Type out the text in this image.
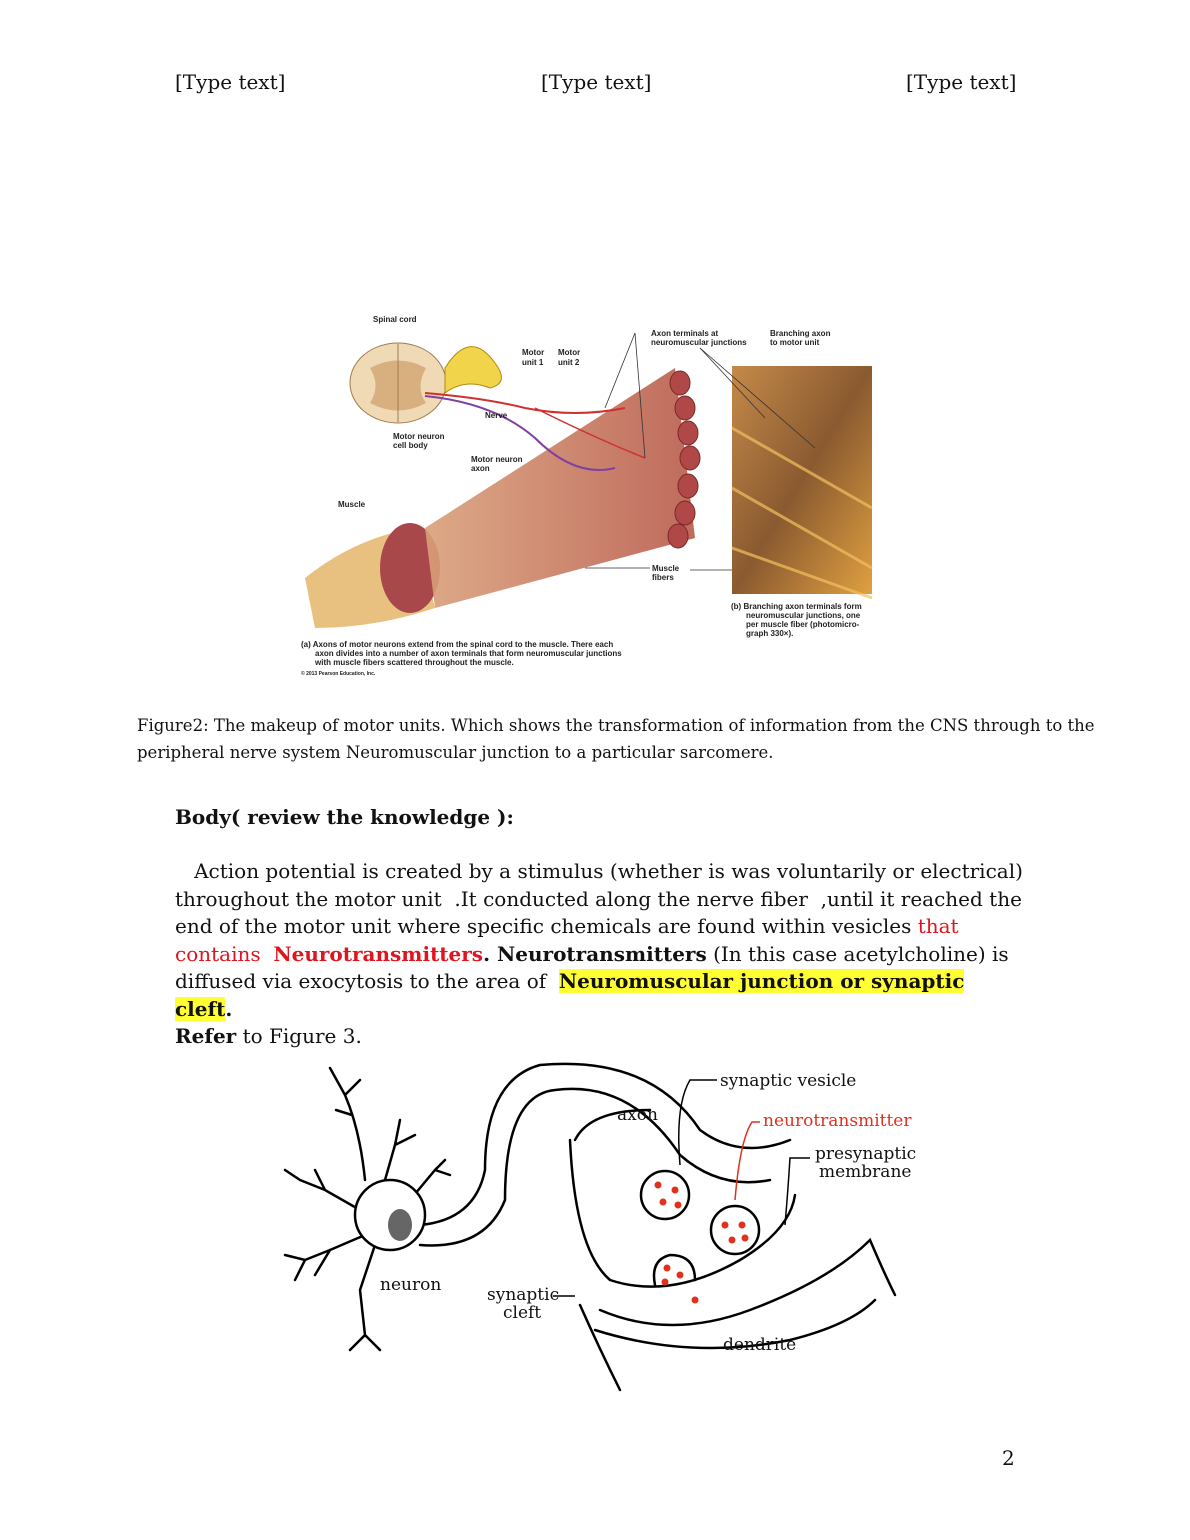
[Type text]	[Type text]	[Type text]
Spinal cord
Motor
unit 1
Motor
unit 2
Axon terminals at
neuromuscular junctions
Branching axon
to motor unit
Nerve
Motor neuron
cell body
Motor neuron
axon
Muscle
Muscle
fibers
(b) Branching axon terminals form
neuromuscular junctions, one
per muscle fiber (photomicro-
graph 330×).
(a) Axons of motor neurons extend from the spinal cord to the muscle. There each
axon divides into a number of axon terminals that form neuromuscular junctions
with muscle fibers scattered throughout the muscle.
© 2013 Pearson Education, Inc.
Figure2: The makeup of motor units. Which shows the transformation of information from the CNS through to the peripheral nerve system Neuromuscular junction to a particular sarcomere.
Body( review the knowledge ):
Action potential is created by a stimulus (whether is was voluntarily or electrical) throughout the motor unit  .It conducted along the nerve fiber  ,until it reached the end of the motor unit where specific chemicals are found within vesicles that contains  Neurotransmitters. Neurotransmitters (In this case acetylcholine) is diffused via exocytosis to the area of  Neuromuscular junction or synaptic cleft.
Refer to Figure 3.
synaptic vesicle
axon	neurotransmitter
presynaptic
membrane
neuron	synaptic
cleft
dendrite
2
